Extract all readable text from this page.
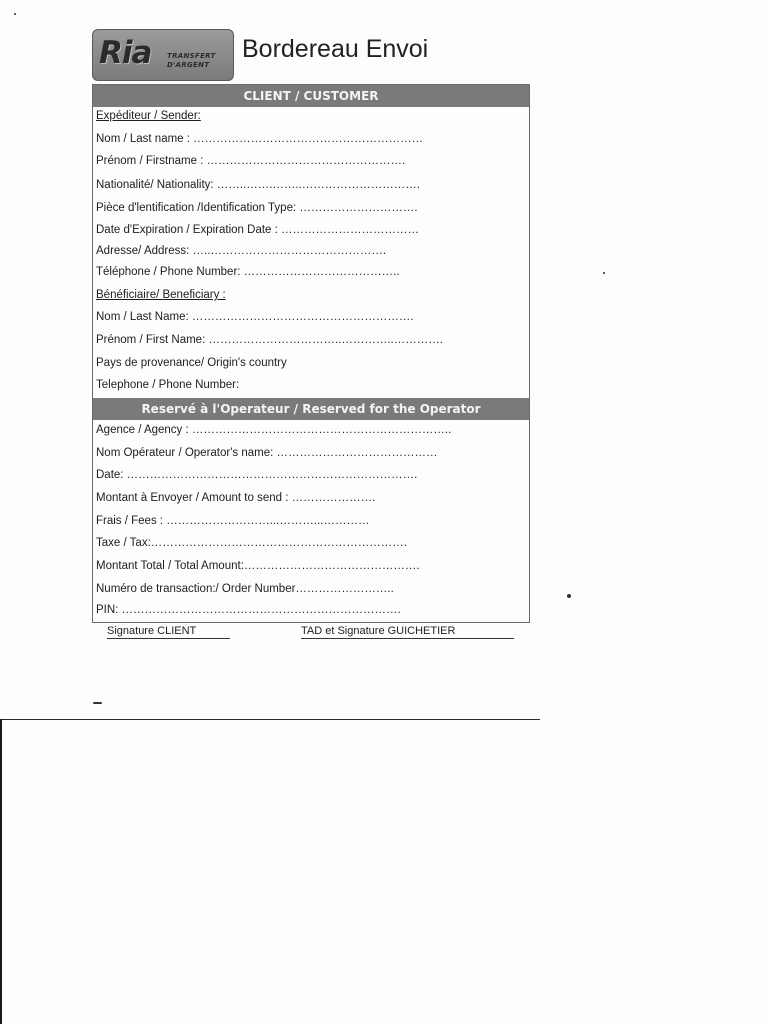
Ria TRANSFERT D'ARGENT
Bordereau Envoi
CLIENT / CUSTOMER
Expéditeur / Sender:
Nom / Last name : ……………………………………………………
Prénom / Firstname : …………………………………………….
Nationalité/ Nationality: ……..…….……..………………………….
Pièce d'lentification /Identification Type: ………………………….
Date d'Expiration / Expiration Date : ………………………………
Adresse/ Address: …..……………………………………….
Téléphone / Phone Number: …………………………………..
Bénéficiaire/ Beneficiary :
Nom / Last Name: ………………………………………………….
Prénom / First Name: ……………………………..…………..………….
Pays de provenance/ Origin's country
Telephone / Phone Number:
Reservé à l'Operateur / Reserved for the Operator
Agence / Agency : …………………………………………………………..
Nom Opérateur / Operator's name: ……………………………………
Date: ………………………………………………………………….
Montant à Envoyer / Amount to send : ………………….
Frais / Fees : ………………………...………...…………
Taxe / Tax:………………………………………………………….
Montant Total / Total Amount:……………………………………….
Numéro de transaction:/ Order Number……………………..
PIN: ……………………………………………………………….
Signature CLIENT	TAD et Signature GUICHETIER
